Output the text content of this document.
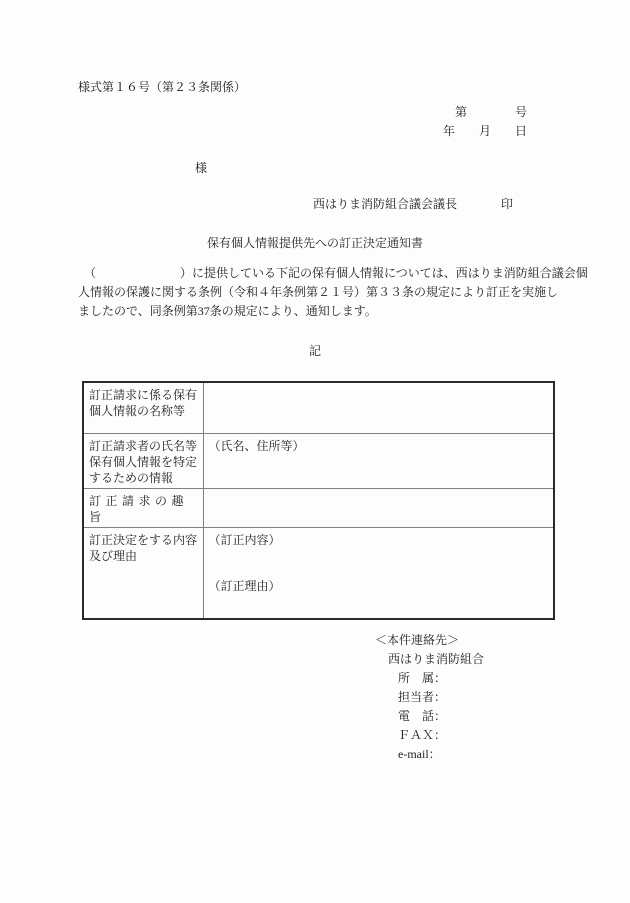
様式第１６号（第２３条関係）
第　　　　号
年　　月　　日
様
西はりま消防組合議会議長	印
保有個人情報提供先への訂正決定通知書
　（　　　　　　　）に提供している下記の保有個人情報については、西はりま消防組合議会個
人情報の保護に関する条例（令和４年条例第２１号）第３３条の規定により訂正を実施し
ましたので、同条例第37条の規定により、通知します。
記
訂正請求に係る保有個人情報の名称等	
訂正請求者の氏名等保有個人情報を特定するための情報	（氏名、住所等）
訂正請求の趣旨	
訂正決定をする内容及び理由	（訂正内容）
（訂正理由）
＜本件連絡先＞
西はりま消防組合
所　属：
担当者：
電　話：
ＦＡＸ：
e-mail：
